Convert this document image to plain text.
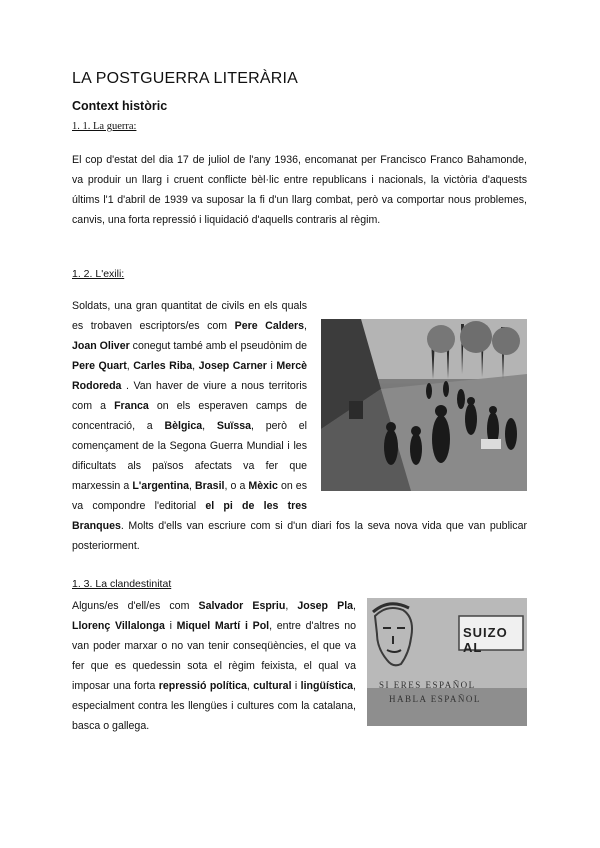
LA POSTGUERRA LITERÀRIA
Context històric
1. 1. La guerra:
El cop d'estat del dia 17 de juliol de l'any 1936, encomanat per Francisco Franco Bahamonde, va produir un llarg i cruent conflicte bèl·lic entre republicans i nacionals, la victòria d'aquests últims l'1 d'abril de 1939 va suposar la fi d'un llarg combat, però va comportar nous problemes, canvis, una forta repressió i liquidació d'aquells contraris al règim.
1. 2. L'exili:
Soldats, una gran quantitat de civils en els quals es trobaven escriptors/es com Pere Calders, Joan Oliver conegut també amb el pseudònim de Pere Quart, Carles Riba, Josep Carner i Mercè Rodoreda . Van haver de viure a nous territoris com a Franca on els esperaven camps de concentració, a Bèlgica, Suïssa, però el començament de la Segona Guerra Mundial i les dificultats als països afectats va fer que marxessin a L'argentina, Brasil, o a Mèxic on es va compondre l'editorial el pi de les tres Branques. Molts d'ells van escriure com si d'un diari fos la seva nova vida que van publicar posteriorment.
1. 3. La clandestinitat
Alguns/es d'ell/es com Salvador Espriu, Josep Pla, Llorenç Villalonga i Miquel Martí i Pol, entre d'altres no van poder marxar o no van tenir conseqüències, el que va fer que es quedessin sota el règim feixista, el qual va imposar una forta repressió política, cultural i lingüística, especialment contra les llengües i cultures com la catalana, basca o gallega.
SUIZO AL
SI ERES ESPAÑOL
HABLA ESPAÑOL
